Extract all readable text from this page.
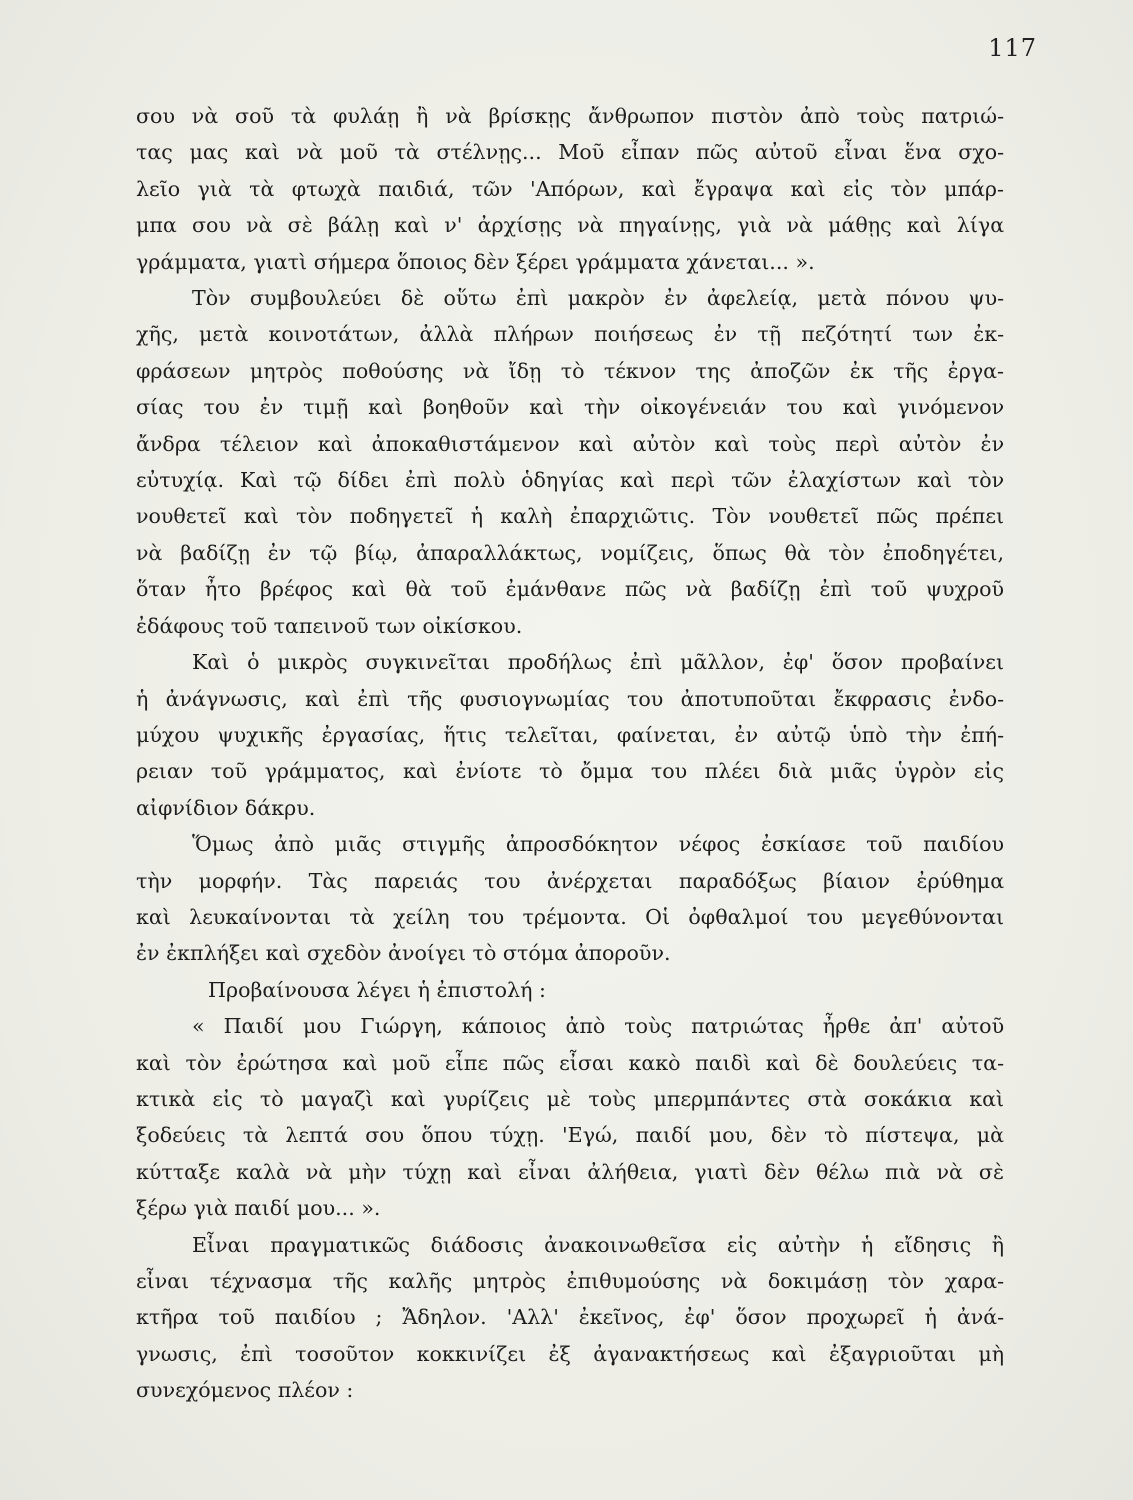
117
σου νὰ σοῦ τὰ φυλάῃ ἢ νὰ βρίσκῃς ἄνθρωπον πιστὸν ἀπὸ τοὺς πατριώ-
τας μας καὶ νὰ μοῦ τὰ στέλνῃς... Μοῦ εἶπαν πῶς αὐτοῦ εἶναι ἕνα σχο-
λεῖο γιὰ τὰ φτωχὰ παιδιά, τῶν 'Απόρων, καὶ ἔγραψα καὶ εἰς τὸν μπάρ-
μπα σου νὰ σὲ βάλῃ καὶ ν' ἀρχίσῃς νὰ πηγαίνῃς, γιὰ νὰ μάθῃς καὶ λίγα
γράμματα, γιατὶ σήμερα ὅποιος δὲν ξέρει γράμματα χάνεται... ».
Τὸν συμβουλεύει δὲ οὕτω ἐπὶ μακρὸν ἐν ἀφελείᾳ, μετὰ πόνου ψυ-
χῆς, μετὰ κοινοτάτων, ἀλλὰ πλήρων ποιήσεως ἐν τῇ πεζότητί των ἐκ-
φράσεων μητρὸς ποθούσης νὰ ἴδῃ τὸ τέκνον της ἀποζῶν ἐκ τῆς ἐργα-
σίας του ἐν τιμῇ καὶ βοηθοῦν καὶ τὴν οἰκογένειάν του καὶ γινόμενον
ἄνδρα τέλειον καὶ ἀποκαθιστάμενον καὶ αὐτὸν καὶ τοὺς περὶ αὐτὸν ἐν
εὐτυχίᾳ. Καὶ τῷ δίδει ἐπὶ πολὺ ὁδηγίας καὶ περὶ τῶν ἐλαχίστων καὶ τὸν
νουθετεῖ καὶ τὸν ποδηγετεῖ ἡ καλὴ ἐπαρχιῶτις. Τὸν νουθετεῖ πῶς πρέπει
νὰ βαδίζῃ ἐν τῷ βίῳ, ἀπαραλλάκτως, νομίζεις, ὅπως θὰ τὸν ἐποδηγέτει,
ὅταν ἦτο βρέφος καὶ θὰ τοῦ ἐμάνθανε πῶς νὰ βαδίζῃ ἐπὶ τοῦ ψυχροῦ
ἐδάφους τοῦ ταπεινοῦ των οἰκίσκου.
Καὶ ὁ μικρὸς συγκινεῖται προδήλως ἐπὶ μᾶλλον, ἐφ' ὅσον προβαίνει
ἡ ἀνάγνωσις, καὶ ἐπὶ τῆς φυσιογνωμίας του ἀποτυποῦται ἔκφρασις ἐνδο-
μύχου ψυχικῆς ἐργασίας, ἥτις τελεῖται, φαίνεται, ἐν αὐτῷ ὑπὸ τὴν ἐπή-
ρειαν τοῦ γράμματος, καὶ ἐνίοτε τὸ ὄμμα του πλέει διὰ μιᾶς ὑγρὸν εἰς
αἰφνίδιον δάκρυ.
Ὅμως ἀπὸ μιᾶς στιγμῆς ἀπροσδόκητον νέφος ἐσκίασε τοῦ παιδίου
τὴν μορφήν. Τὰς παρειάς του ἀνέρχεται παραδόξως βίαιον ἐρύθημα
καὶ λευκαίνονται τὰ χείλη του τρέμοντα. Οἱ ὀφθαλμοί του μεγεθύνονται
ἐν ἐκπλήξει καὶ σχεδὸν ἀνοίγει τὸ στόμα ἀποροῦν.
Προβαίνουσα λέγει ἡ ἐπιστολή :
« Παιδί μου Γιώργη, κάποιος ἀπὸ τοὺς πατριώτας ἦρθε ἀπ' αὐτοῦ
καὶ τὸν ἐρώτησα καὶ μοῦ εἶπε πῶς εἶσαι κακὸ παιδὶ καὶ δὲ δουλεύεις τα-
κτικὰ εἰς τὸ μαγαζὶ καὶ γυρίζεις μὲ τοὺς μπερμπάντες στὰ σοκάκια καὶ
ξοδεύεις τὰ λεπτά σου ὅπου τύχῃ. 'Εγώ, παιδί μου, δὲν τὸ πίστεψα, μὰ
κύτταξε καλὰ νὰ μὴν τύχῃ καὶ εἶναι ἀλήθεια, γιατὶ δὲν θέλω πιὰ νὰ σὲ
ξέρω γιὰ παιδί μου... ».
Εἶναι πραγματικῶς διάδοσις ἀνακοινωθεῖσα εἰς αὐτὴν ἡ εἴδησις ἢ
εἶναι τέχνασμα τῆς καλῆς μητρὸς ἐπιθυμούσης νὰ δοκιμάσῃ τὸν χαρα-
κτῆρα τοῦ παιδίου ; Ἄδηλον. 'Αλλ' ἐκεῖνος, ἐφ' ὅσον προχωρεῖ ἡ ἀνά-
γνωσις, ἐπὶ τοσοῦτον κοκκινίζει ἐξ ἀγανακτήσεως καὶ ἐξαγριοῦται μὴ
συνεχόμενος πλέον :
